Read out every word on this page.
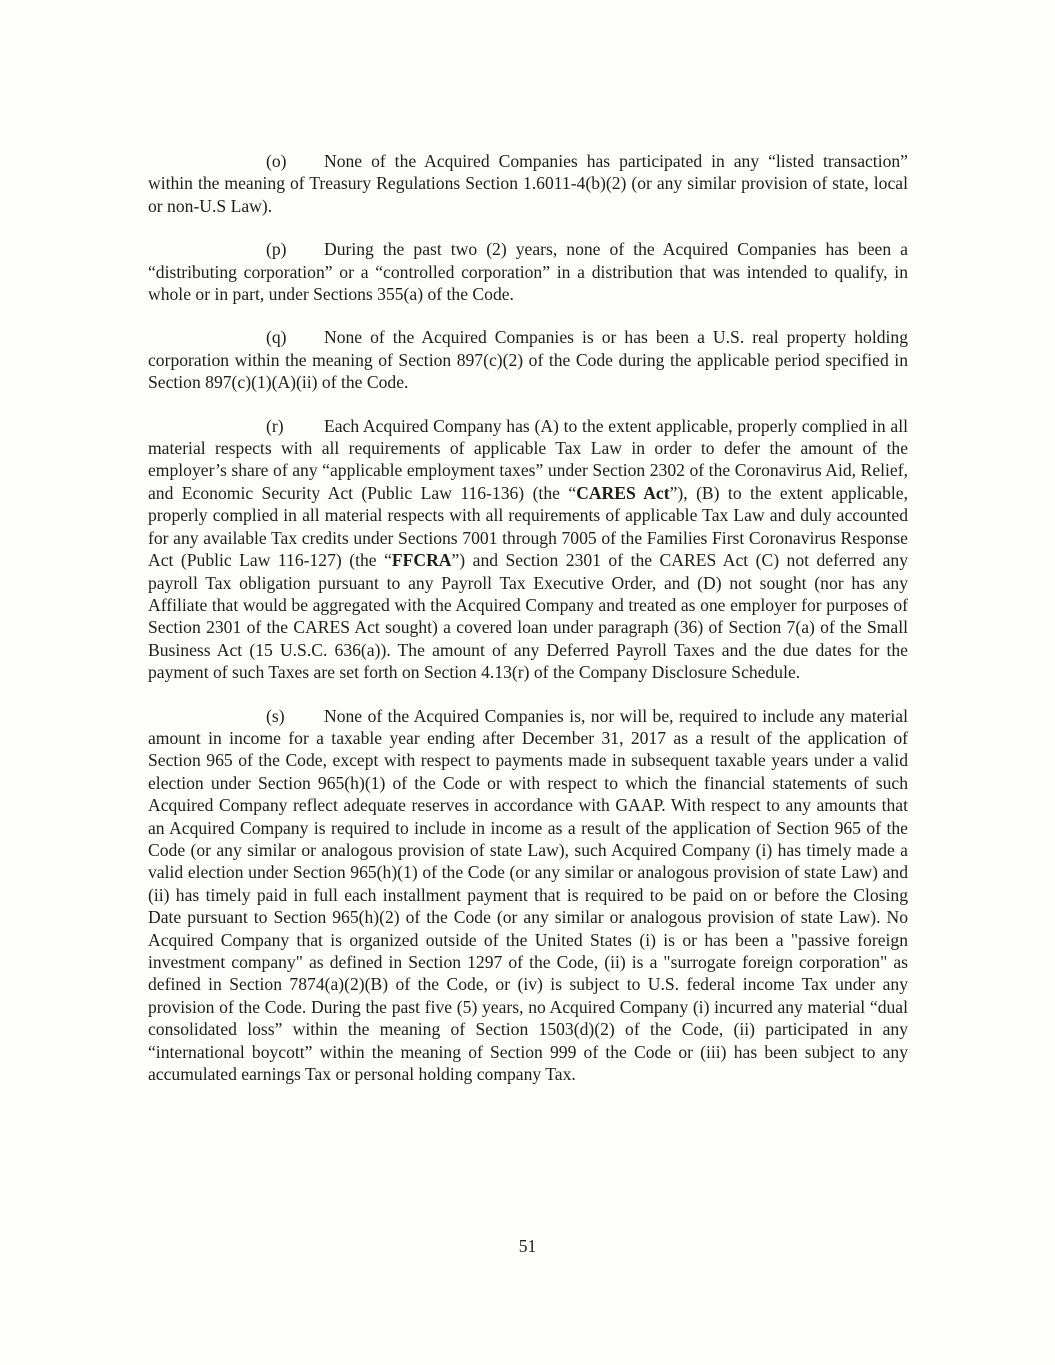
(o) None of the Acquired Companies has participated in any “listed transaction” within the meaning of Treasury Regulations Section 1.6011-4(b)(2) (or any similar provision of state, local or non-U.S Law).

(p) During the past two (2) years, none of the Acquired Companies has been a “distributing corporation” or a “controlled corporation” in a distribution that was intended to qualify, in whole or in part, under Sections 355(a) of the Code.

(q) None of the Acquired Companies is or has been a U.S. real property holding corporation within the meaning of Section 897(c)(2) of the Code during the applicable period specified in Section 897(c)(1)(A)(ii) of the Code.

(r) Each Acquired Company has (A) to the extent applicable, properly complied in all material respects with all requirements of applicable Tax Law in order to defer the amount of the employer’s share of any “applicable employment taxes” under Section 2302 of the Coronavirus Aid, Relief, and Economic Security Act (Public Law 116-136) (the “CARES Act”), (B) to the extent applicable, properly complied in all material respects with all requirements of applicable Tax Law and duly accounted for any available Tax credits under Sections 7001 through 7005 of the Families First Coronavirus Response Act (Public Law 116-127) (the “FFCRA”) and Section 2301 of the CARES Act (C) not deferred any payroll Tax obligation pursuant to any Payroll Tax Executive Order, and (D) not sought (nor has any Affiliate that would be aggregated with the Acquired Company and treated as one employer for purposes of Section 2301 of the CARES Act sought) a covered loan under paragraph (36) of Section 7(a) of the Small Business Act (15 U.S.C. 636(a)). The amount of any Deferred Payroll Taxes and the due dates for the payment of such Taxes are set forth on Section 4.13(r) of the Company Disclosure Schedule.

(s) None of the Acquired Companies is, nor will be, required to include any material amount in income for a taxable year ending after December 31, 2017 as a result of the application of Section 965 of the Code, except with respect to payments made in subsequent taxable years under a valid election under Section 965(h)(1) of the Code or with respect to which the financial statements of such Acquired Company reflect adequate reserves in accordance with GAAP. With respect to any amounts that an Acquired Company is required to include in income as a result of the application of Section 965 of the Code (or any similar or analogous provision of state Law), such Acquired Company (i) has timely made a valid election under Section 965(h)(1) of the Code (or any similar or analogous provision of state Law) and (ii) has timely paid in full each installment payment that is required to be paid on or before the Closing Date pursuant to Section 965(h)(2) of the Code (or any similar or analogous provision of state Law). No Acquired Company that is organized outside of the United States (i) is or has been a "passive foreign investment company" as defined in Section 1297 of the Code, (ii) is a "surrogate foreign corporation" as defined in Section 7874(a)(2)(B) of the Code, or (iv) is subject to U.S. federal income Tax under any provision of the Code. During the past five (5) years, no Acquired Company (i) incurred any material “dual consolidated loss” within the meaning of Section 1503(d)(2) of the Code, (ii) participated in any “international boycott” within the meaning of Section 999 of the Code or (iii) has been subject to any accumulated earnings Tax or personal holding company Tax.

51
